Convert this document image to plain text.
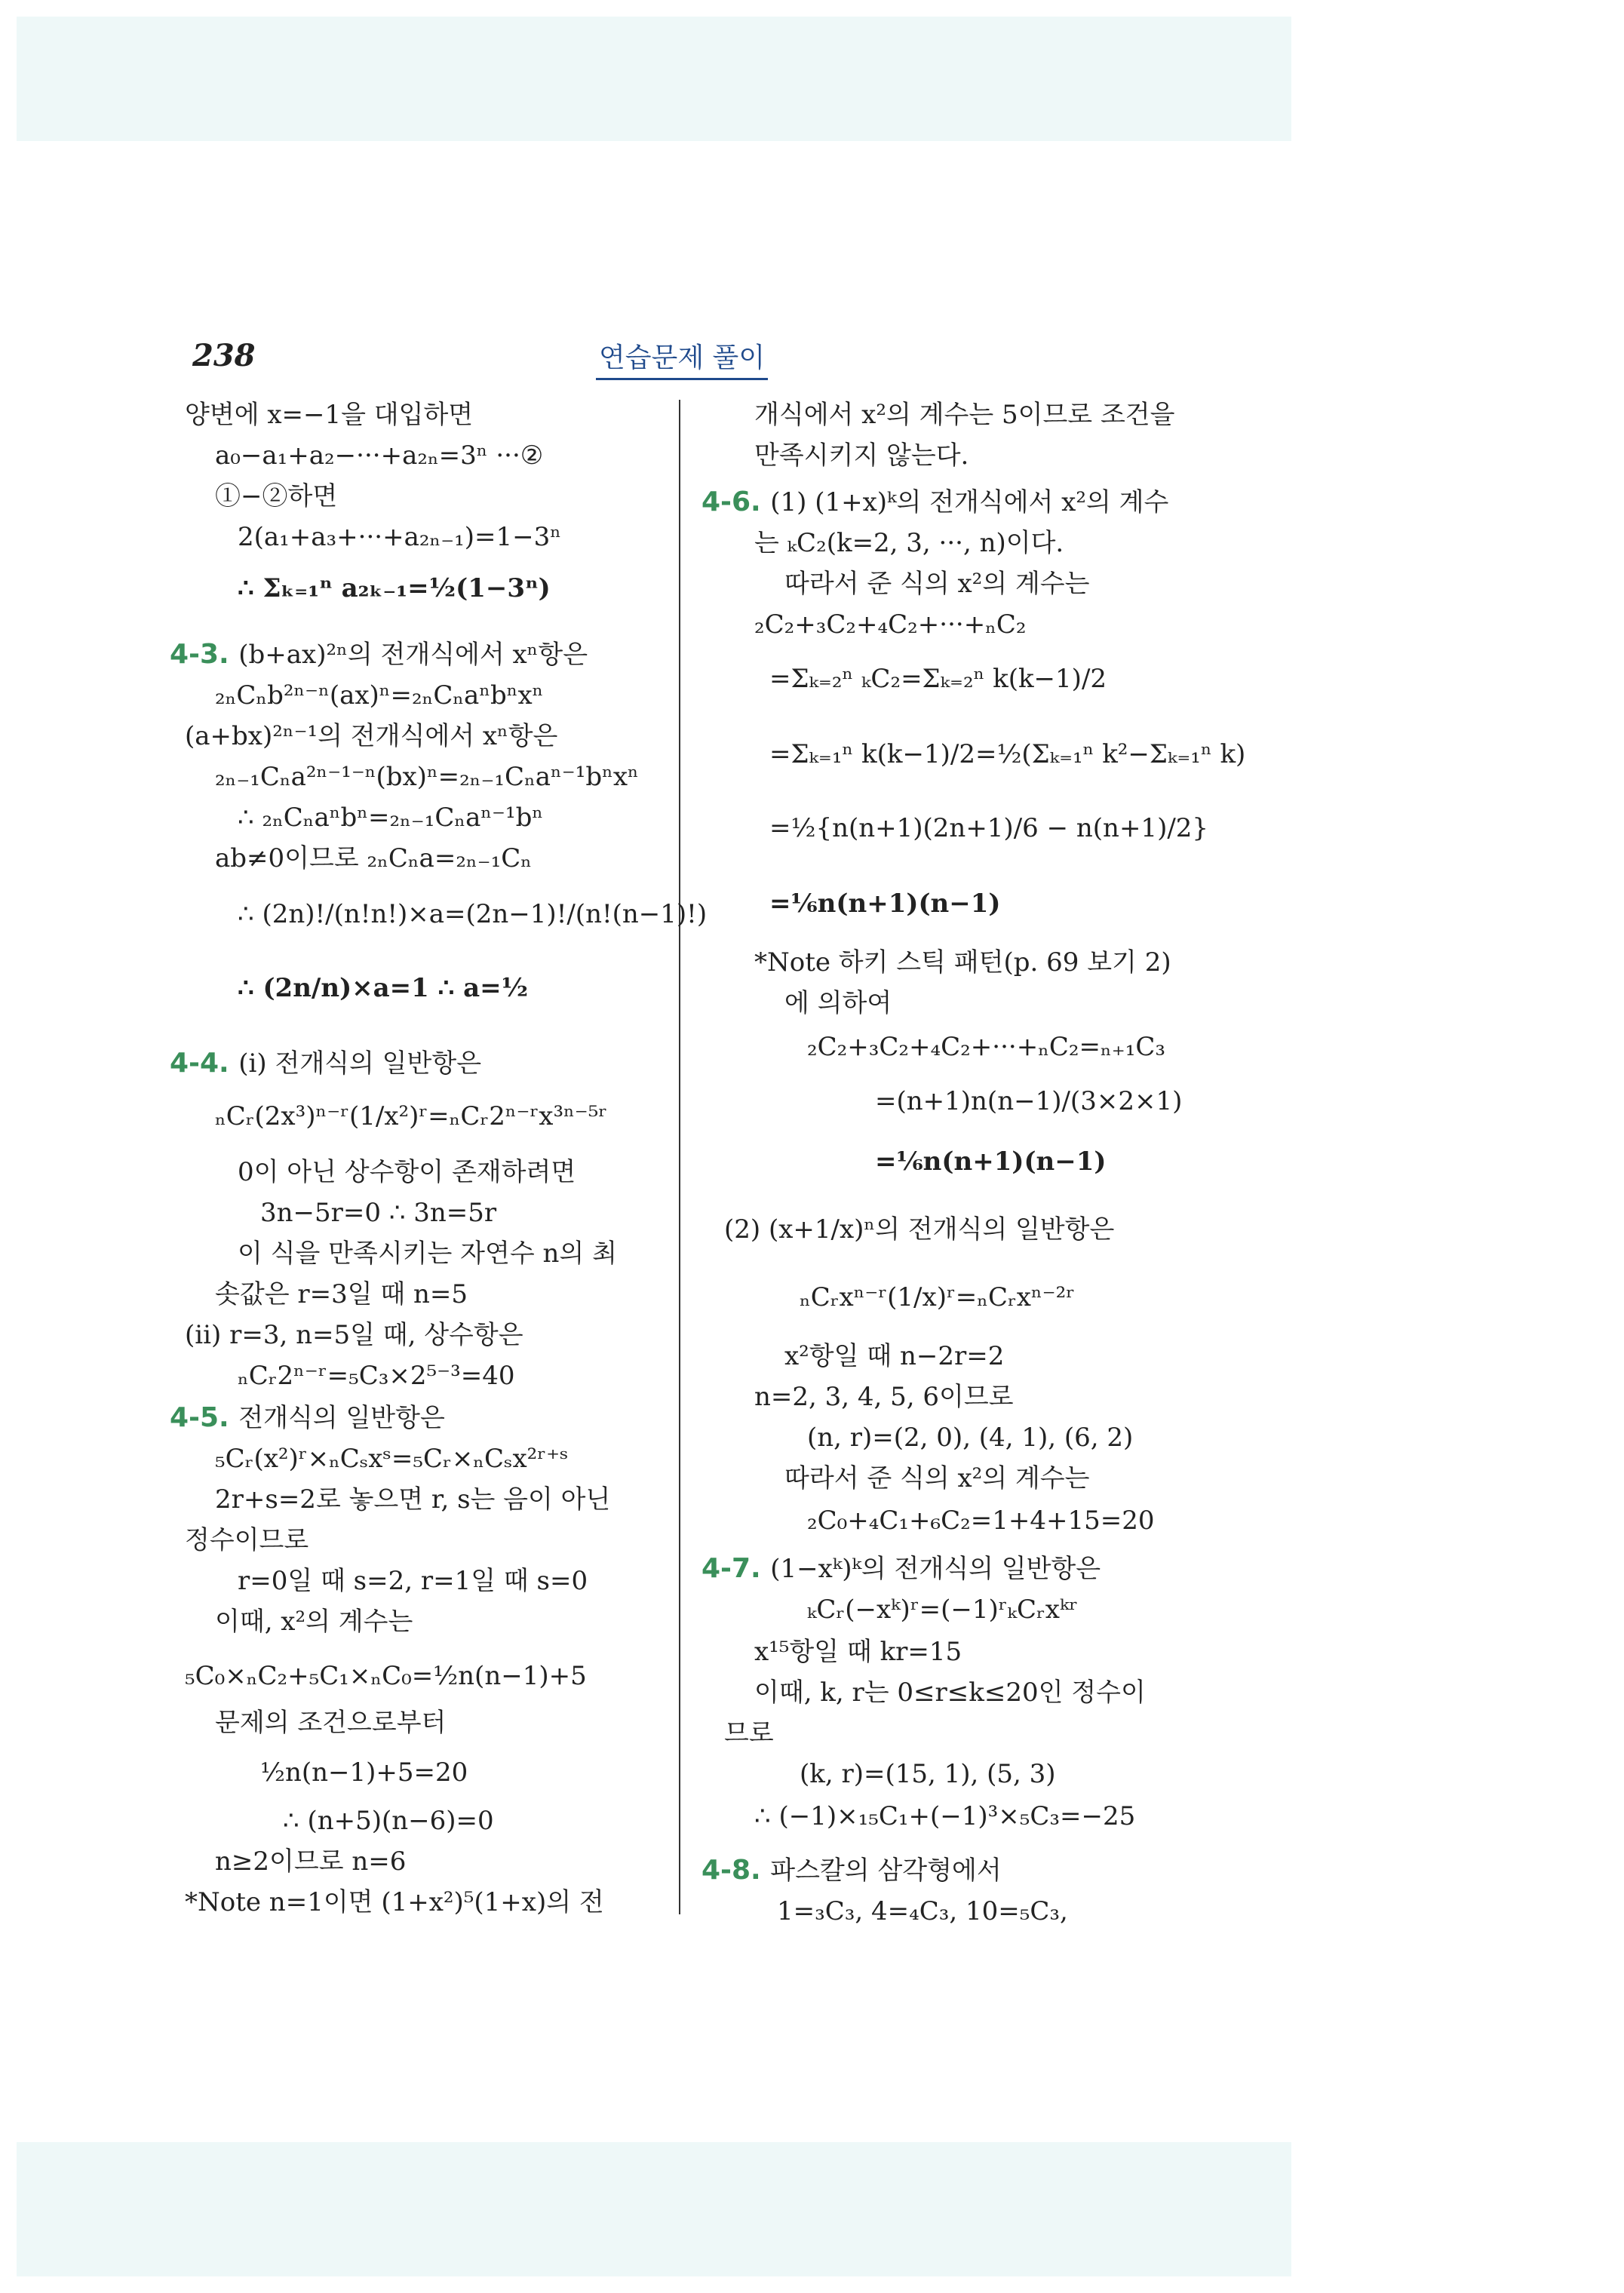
238	연습문제 풀이
양변에 x=−1을 대입하면
a₀−a₁+a₂−···+a₂ₙ=3ⁿ ···②
①−②하면
2(a₁+a₃+···+a₂ₙ₋₁)=1−3ⁿ
∴ Σₖ₌₁ⁿ a₂ₖ₋₁=½(1−3ⁿ)
4-3. (b+ax)²ⁿ의 전개식에서 xⁿ항은
₂ₙCₙb²ⁿ⁻ⁿ(ax)ⁿ=₂ₙCₙaⁿbⁿxⁿ
(a+bx)²ⁿ⁻¹의 전개식에서 xⁿ항은
₂ₙ₋₁Cₙa²ⁿ⁻¹⁻ⁿ(bx)ⁿ=₂ₙ₋₁Cₙaⁿ⁻¹bⁿxⁿ
∴ ₂ₙCₙaⁿbⁿ=₂ₙ₋₁Cₙaⁿ⁻¹bⁿ
ab≠0이므로 ₂ₙCₙa=₂ₙ₋₁Cₙ
∴ (2n)!/(n!n!)×a=(2n−1)!/(n!(n−1)!)
∴ (2n/n)×a=1 ∴ a=½
4-4. (i) 전개식의 일반항은
ₙCᵣ(2x³)ⁿ⁻ʳ(1/x²)ʳ=ₙCᵣ2ⁿ⁻ʳx³ⁿ⁻⁵ʳ
0이 아닌 상수항이 존재하려면
3n−5r=0 ∴ 3n=5r
이 식을 만족시키는 자연수 n의 최
솟값은 r=3일 때 n=5
(ii) r=3, n=5일 때, 상수항은
ₙCᵣ2ⁿ⁻ʳ=₅C₃×2⁵⁻³=40
4-5. 전개식의 일반항은
₅Cᵣ(x²)ʳ×ₙCₛxˢ=₅Cᵣ×ₙCₛx²ʳ⁺ˢ
2r+s=2로 놓으면 r, s는 음이 아닌
정수이므로
r=0일 때 s=2, r=1일 때 s=0
이때, x²의 계수는
₅C₀×ₙC₂+₅C₁×ₙC₀=½n(n−1)+5
문제의 조건으로부터
½n(n−1)+5=20
∴ (n+5)(n−6)=0
n≥2이므로 n=6
*Note n=1이면 (1+x²)⁵(1+x)의 전
개식에서 x²의 계수는 5이므로 조건을
만족시키지 않는다.
4-6. (1) (1+x)ᵏ의 전개식에서 x²의 계수
는 ₖC₂(k=2, 3, ···, n)이다.
따라서 준 식의 x²의 계수는
₂C₂+₃C₂+₄C₂+···+ₙC₂
=Σₖ₌₂ⁿ ₖC₂=Σₖ₌₂ⁿ k(k−1)/2
=Σₖ₌₁ⁿ k(k−1)/2=½(Σₖ₌₁ⁿ k²−Σₖ₌₁ⁿ k)
=½{n(n+1)(2n+1)/6 − n(n+1)/2}
=⅙n(n+1)(n−1)
*Note 하키 스틱 패턴(p. 69 보기 2)
에 의하여
₂C₂+₃C₂+₄C₂+···+ₙC₂=ₙ₊₁C₃
=(n+1)n(n−1)/(3×2×1)
=⅙n(n+1)(n−1)
(2) (x+1/x)ⁿ의 전개식의 일반항은
ₙCᵣxⁿ⁻ʳ(1/x)ʳ=ₙCᵣxⁿ⁻²ʳ
x²항일 때 n−2r=2
n=2, 3, 4, 5, 6이므로
(n, r)=(2, 0), (4, 1), (6, 2)
따라서 준 식의 x²의 계수는
₂C₀+₄C₁+₆C₂=1+4+15=20
4-7. (1−xᵏ)ᵏ의 전개식의 일반항은
ₖCᵣ(−xᵏ)ʳ=(−1)ʳₖCᵣxᵏʳ
x¹⁵항일 때 kr=15
이때, k, r는 0≤r≤k≤20인 정수이
므로
(k, r)=(15, 1), (5, 3)
∴ (−1)×₁₅C₁+(−1)³×₅C₃=−25
4-8. 파스칼의 삼각형에서
1=₃C₃, 4=₄C₃, 10=₅C₃,
